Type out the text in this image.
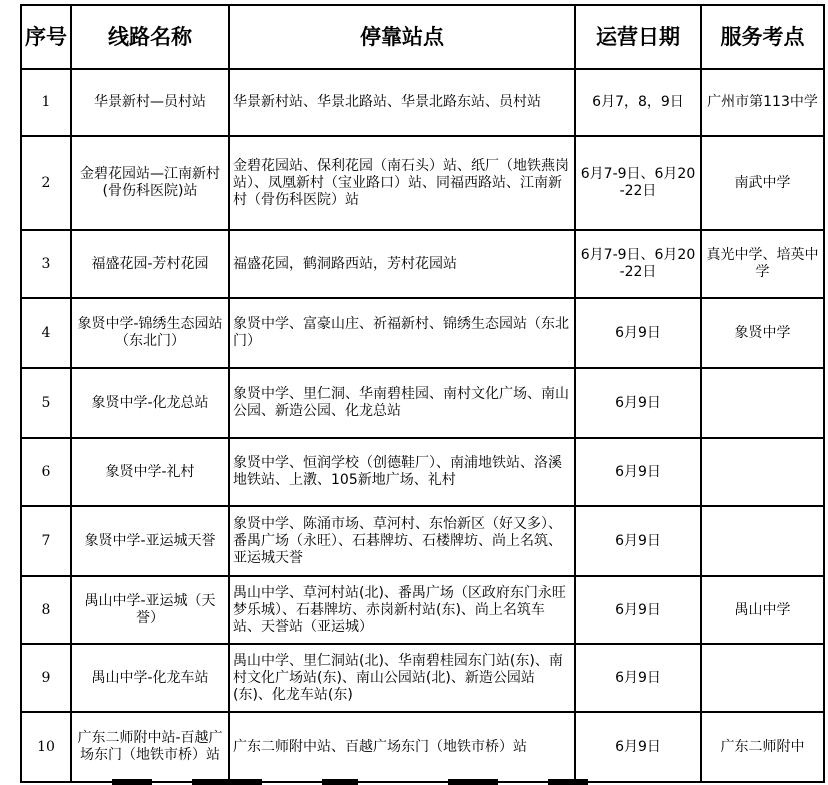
序号	线路名称	停靠站点	运营日期	服务考点
1	华景新村—员村站	华景新村站、华景北路站、华景北路东站、员村站	6月7，8，9日	广州市第113中学
2	金碧花园站—江南新村(骨伤科医院)站	金碧花园站、保利花园（南石头）站、纸厂（地铁燕岗站）、凤凰新村（宝业路口）站、同福西路站、江南新村（骨伤科医院）站	6月7-9日、6月20-22日	南武中学
3	福盛花园-芳村花园	福盛花园，鹤洞路西站，芳村花园站	6月7-9日、6月20-22日	真光中学、培英中学
4	象贤中学-锦绣生态园站（东北门）	象贤中学、富豪山庄、祈福新村、锦绣生态园站（东北门）	6月9日	象贤中学
5	象贤中学-化龙总站	象贤中学、里仁洞、华南碧桂园、南村文化广场、南山公园、新造公园、化龙总站	6月9日	
6	象贤中学-礼村	象贤中学、恒润学校（创德鞋厂）、南浦地铁站、洛溪地铁站、上漖、105新地广场、礼村	6月9日	
7	象贤中学-亚运城天誉	象贤中学、陈涌市场、草河村、东怡新区（好又多）、番禺广场（永旺）、石碁牌坊、石楼牌坊、尚上名筑、亚运城天誉	6月9日	
8	禺山中学-亚运城（天誉）	禺山中学、草河村站(北)、番禺广场（区政府东门永旺梦乐城）、石碁牌坊、赤岗新村站(东)、尚上名筑车站、天誉站（亚运城）	6月9日	禺山中学
9	禺山中学-化龙车站	禺山中学、里仁洞站(北)、华南碧桂园东门站(东)、南村文化广场站(东)、南山公园站(北)、新造公园站(东)、化龙车站(东)	6月9日	
10	广东二师附中站-百越广场东门（地铁市桥）站	广东二师附中站、百越广场东门（地铁市桥）站	6月9日	广东二师附中
